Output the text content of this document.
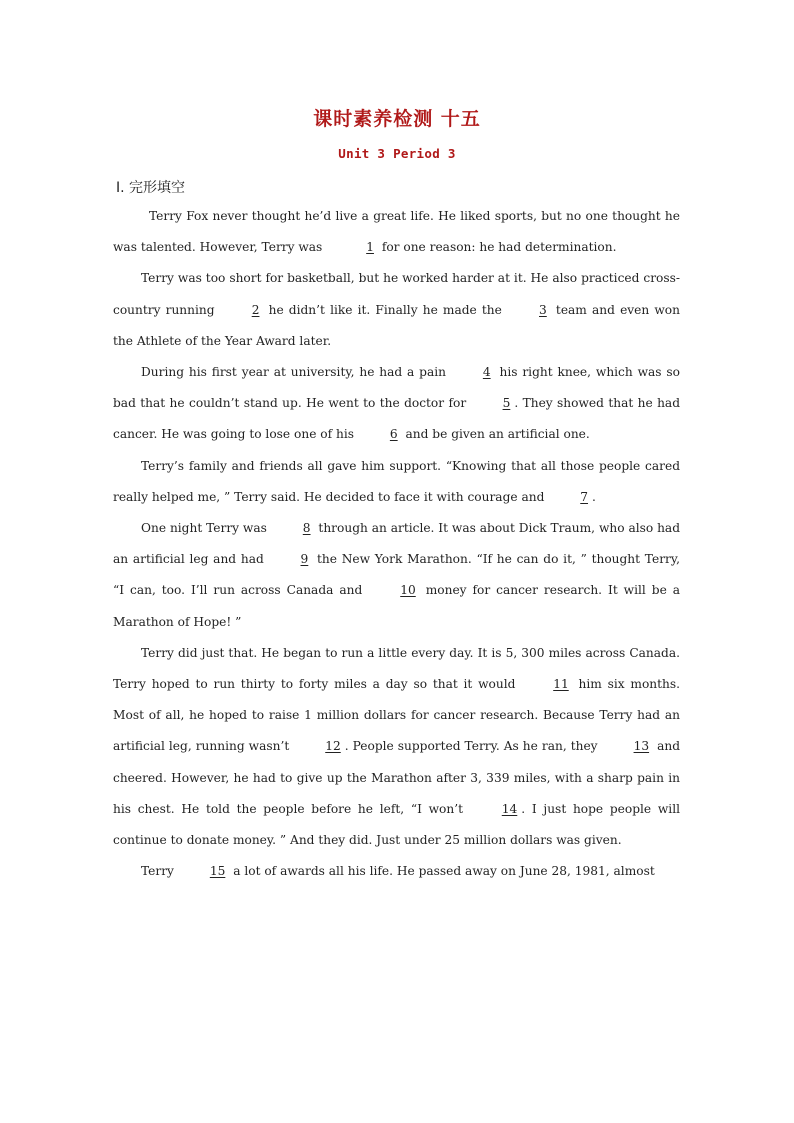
课时素养检测 十五
Unit 3 Period 3
Ⅰ. 完形填空

Terry Fox never thought he’d live a great life. He liked sports, but no one thought he was talented. However, Terry was	1 for one reason: he had determination.

Terry was too short for basketball, but he worked harder at it. He also practiced cross-country running	2 he didn’t like it. Finally he made the	3 team and even won the Athlete of the Year Award later.

During his first year at university, he had a pain	4 his right knee, which was so bad that he couldn’t stand up. He went to the doctor for	5 . They showed that he had cancer. He was going to lose one of his	6 and be given an artificial one.

Terry’s family and friends all gave him support. “Knowing that all those people cared really helped me, ” Terry said. He decided to face it with courage and	7 .

One night Terry was	8 through an article. It was about Dick Traum, who also had an artificial leg and had	9 the New York Marathon. “If he can do it, ” thought Terry, “I can, too. I’ll run across Canada and	10 money for cancer research. It will be a Marathon of Hope! ”

Terry did just that. He began to run a little every day. It is 5, 300 miles across Canada. Terry hoped to run thirty to forty miles a day so that it would	11 him six months. Most of all, he hoped to raise 1 million dollars for cancer research. Because Terry had an artificial leg, running wasn’t	12 . People supported Terry. As he ran, they	13 and cheered. However, he had to give up the Marathon after 3, 339 miles, with a sharp pain in his chest. He told the people before he left, “I won’t	14 . I just hope people will continue to donate money. ” And they did. Just under 25 million dollars was given.

Terry	15 a lot of awards all his life. He passed away on June 28, 1981, almost
